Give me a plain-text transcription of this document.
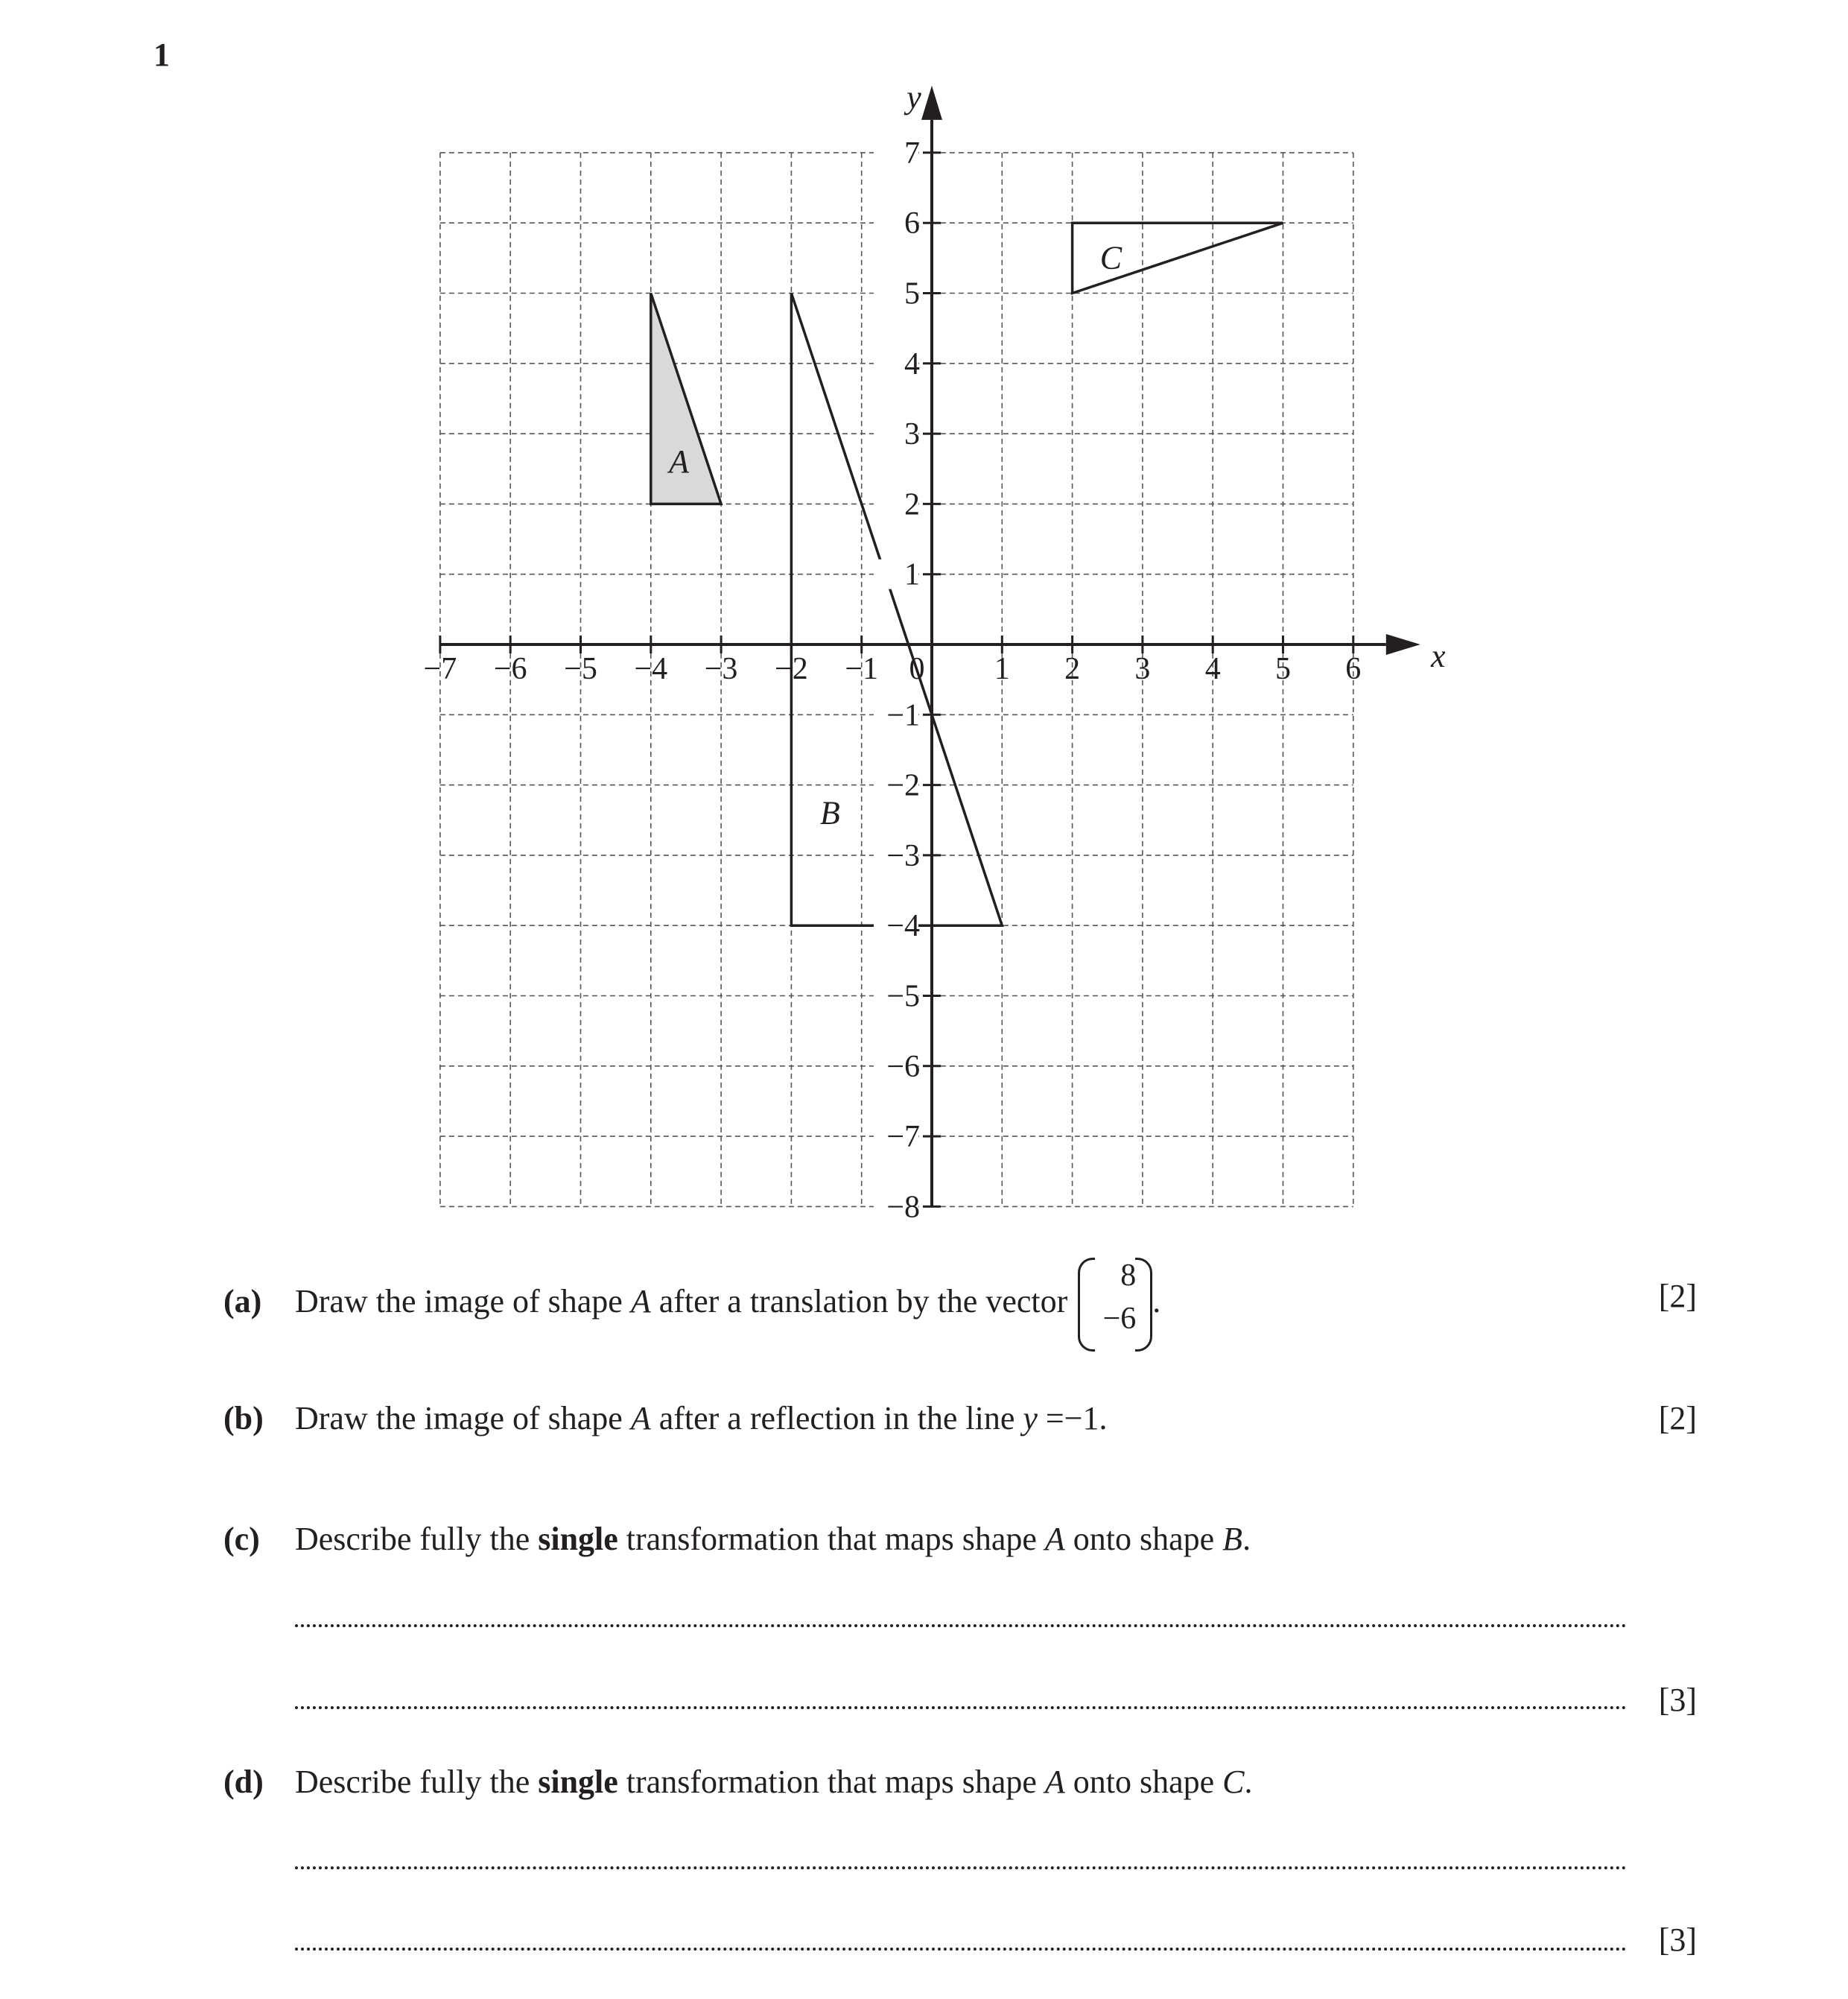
1
A
B
C
−7 −6 −5 −4 −3 −2 −1	1 2 3 4 5 6
7
6
5
4
3
2
1
−1
−2
−3
−4
−5
−6
−7
−8
0	x
y
(a) Draw the image of shape A after a translation by the vector
8
−6 .	[2]
(b) Draw the image of shape A after a reflection in the line y =−1.	[2]
(c) Describe fully the single transformation that maps shape A onto shape B.
[3]
(d) Describe fully the single transformation that maps shape A onto shape C.
[3]
